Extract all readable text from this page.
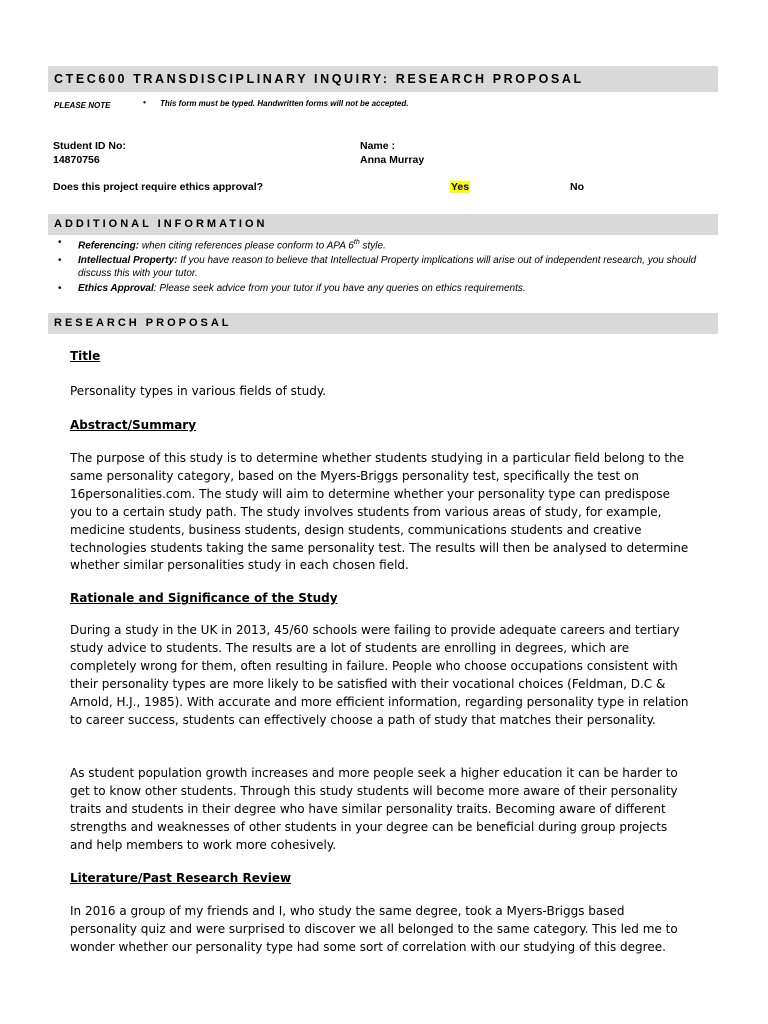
CTEC600 TRANSDISCIPLINARY INQUIRY: RESEARCH PROPOSAL
PLEASE NOTE	• This form must be typed. Handwritten forms will not be accepted.
Student ID No:
14870756
Name :
Anna Murray
Does this project require ethics approval?	Yes	No
ADDITIONAL INFORMATION
• Referencing: when citing references please conform to APA 6th style.
• Intellectual Property: If you have reason to believe that Intellectual Property implications will arise out of independent research, you should discuss this with your tutor.
• Ethics Approval: Please seek advice from your tutor if you have any queries on ethics requirements.
RESEARCH PROPOSAL
Title
Personality types in various fields of study.
Abstract/Summary
The purpose of this study is to determine whether students studying in a particular field belong to the same personality category, based on the Myers-Briggs personality test, specifically the test on 16personalities.com. The study will aim to determine whether your personality type can predispose you to a certain study path. The study involves students from various areas of study, for example, medicine students, business students, design students, communications students and creative technologies students taking the same personality test. The results will then be analysed to determine whether similar personalities study in each chosen field.
Rationale and Significance of the Study
During a study in the UK in 2013, 45/60 schools were failing to provide adequate careers and tertiary study advice to students. The results are a lot of students are enrolling in degrees, which are completely wrong for them, often resulting in failure. People who choose occupations consistent with their personality types are more likely to be satisfied with their vocational choices (Feldman, D.C & Arnold, H.J., 1985). With accurate and more efficient information, regarding personality type in relation to career success, students can effectively choose a path of study that matches their personality.
As student population growth increases and more people seek a higher education it can be harder to get to know other students. Through this study students will become more aware of their personality traits and students in their degree who have similar personality traits. Becoming aware of different strengths and weaknesses of other students in your degree can be beneficial during group projects and help members to work more cohesively.
Literature/Past Research Review
In 2016 a group of my friends and I, who study the same degree, took a Myers-Briggs based personality quiz and were surprised to discover we all belonged to the same category. This led me to wonder whether our personality type had some sort of correlation with our studying of this degree.
